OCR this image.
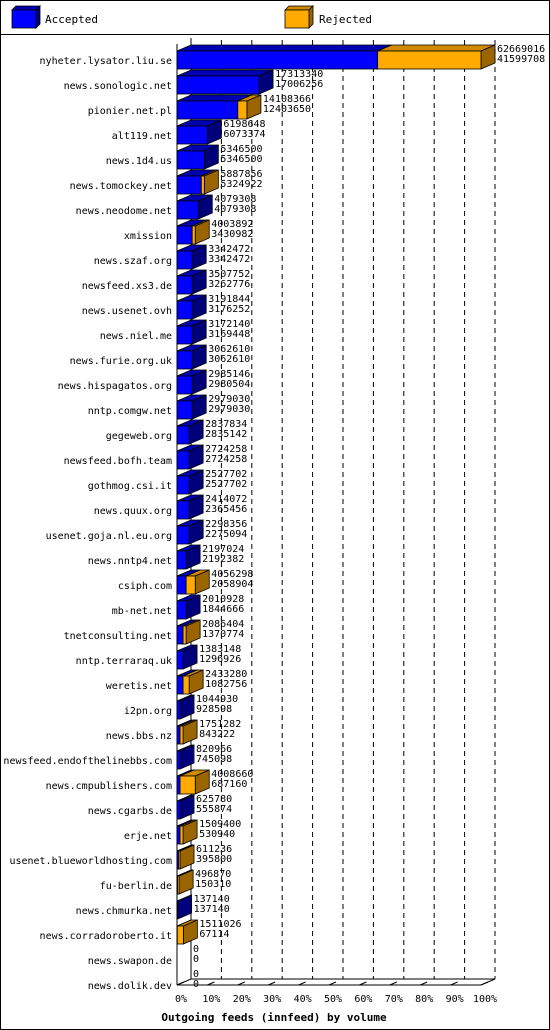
Accepted	Rejected
0% 10% 20% 30% 40% 50% 60% 70% 80% 90% 100%
nyheter.lysator.liu.se
62669016
41599708
news.sonologic.net
17313340
17006256
pionier.net.pl
14108366
12403650
alt119.net
6198648
6073374
news.1d4.us
5346500
5346500
news.tomockey.net
5887856
5324922
news.neodome.net
4079308
4079308
xmission
4003892
3430982
news.szaf.org
3342472
3342472
newsfeed.xs3.de
3507752
3262776
news.usenet.ovh
3191844
3176252
news.niel.me
3172140
3169448
news.furie.org.uk
3062610
3062610
news.hispagatos.org
2985146
2980504
nntp.comgw.net
2979030
2979030
gegeweb.org
2837834
2835142
newsfeed.bofh.team
2724258
2724258
gothmog.csi.it
2527702
2527702
news.quux.org
2414072
2365456
usenet.goja.nl.eu.org
2298356
2275094
news.nntp4.net
2197024
2192382
csiph.com
4056298
2058904
mb-net.net
2010928
1844666
tnetconsulting.net
2086404
1370774
nntp.terraraq.uk
1383148
1296926
weretis.net
2433280
1082756
i2pn.org
1044930
928598
news.bbs.nz
1751282
843222
newsfeed.endofthelinebbs.com
820966
745098
news.cmpublishers.com
4008660
687160
news.cgarbs.de
625780
555874
erje.net
1509400
530940
usenet.blueworldhosting.com
611236
395800
fu-berlin.de
496870
150310
news.chmurka.net
137140
137140
news.corradoroberto.it
1511026
67114
news.swapon.de
0
0
news.dolik.dev
0
0
Outgoing feeds (innfeed) by volume
